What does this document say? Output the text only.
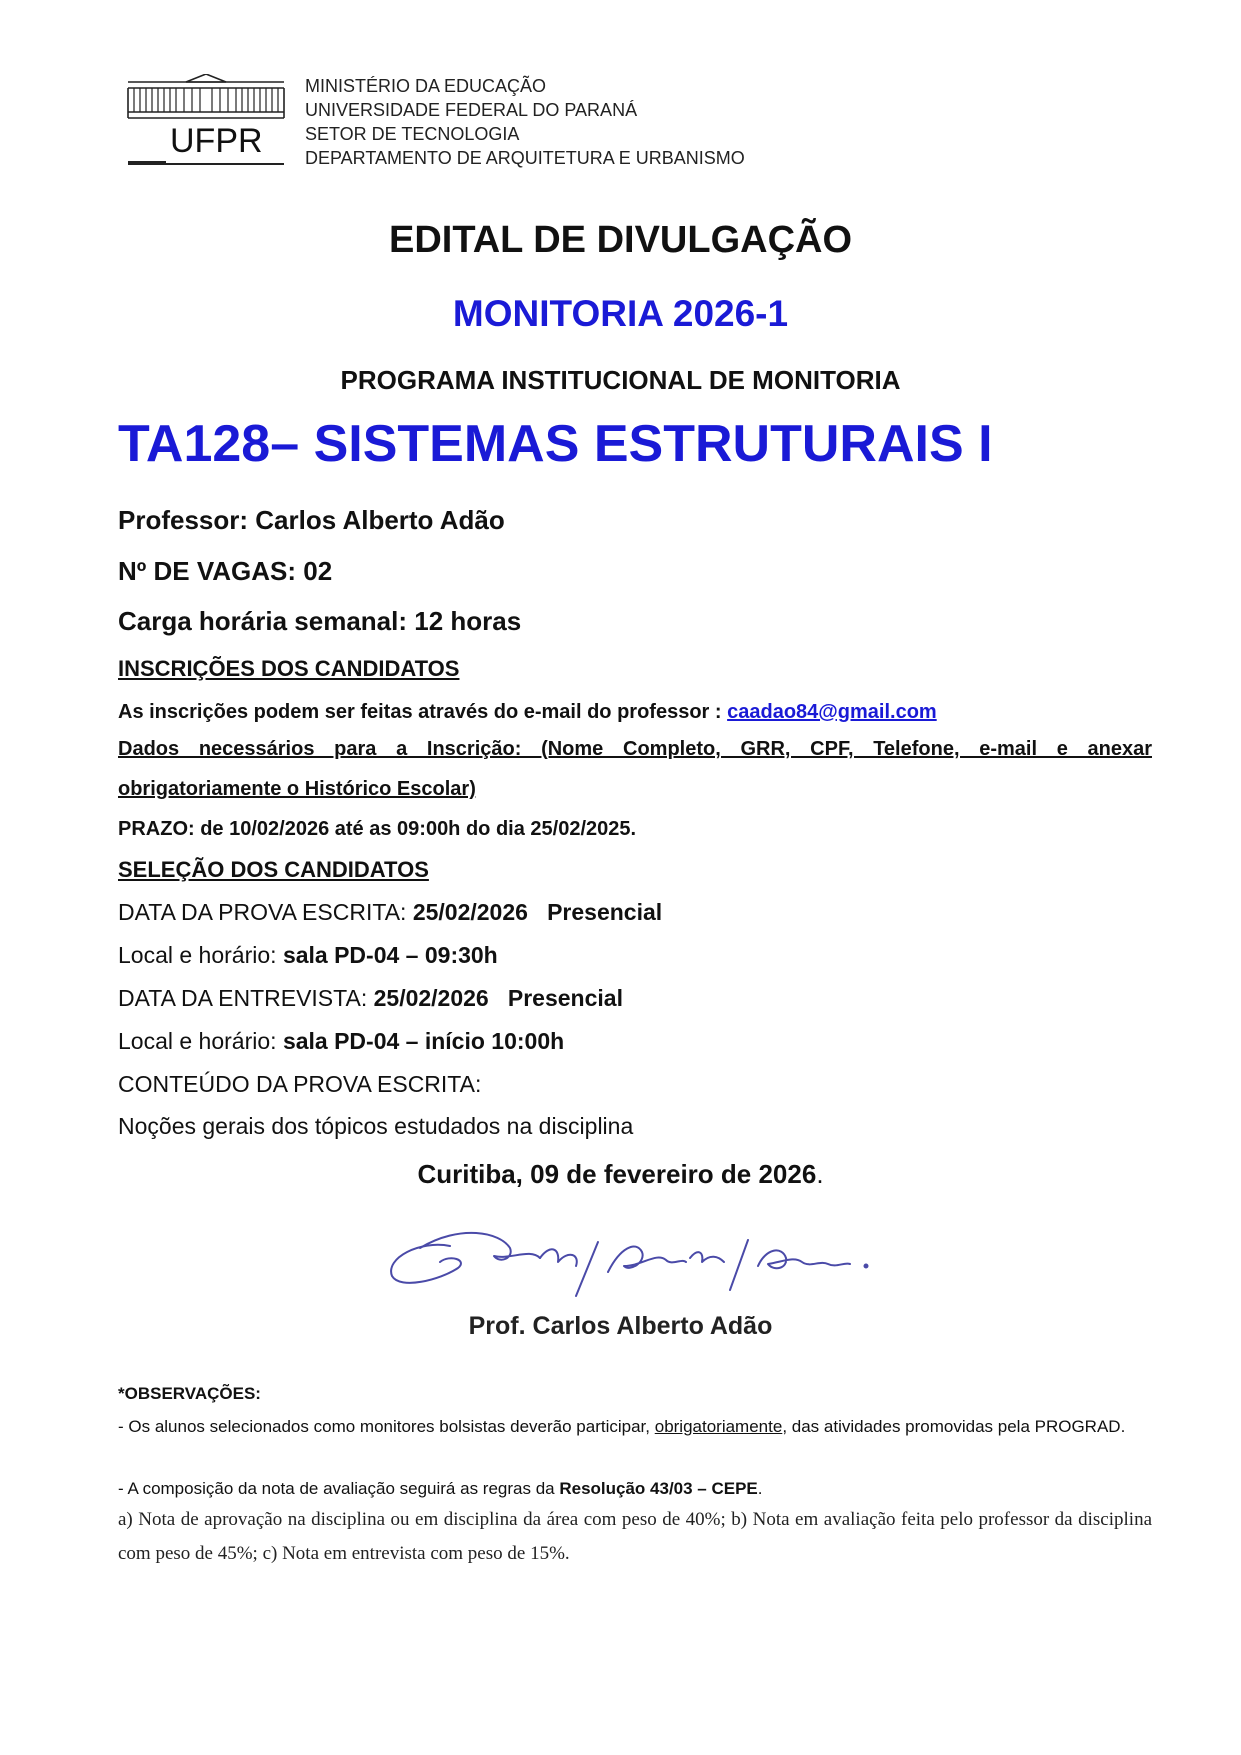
UFPR
MINISTÉRIO DA EDUCAÇÃO
UNIVERSIDADE FEDERAL DO PARANÁ
SETOR DE TECNOLOGIA
DEPARTAMENTO DE ARQUITETURA E URBANISMO
EDITAL DE DIVULGAÇÃO
MONITORIA 2026-1
PROGRAMA INSTITUCIONAL DE MONITORIA
TA128– SISTEMAS ESTRUTURAIS I
Professor: Carlos Alberto Adão
Nº DE VAGAS: 02
Carga horária semanal: 12 horas
INSCRIÇÕES DOS CANDIDATOS
As inscrições podem ser feitas através do e-mail do professor : caadao84@gmail.com
Dados necessários para a Inscrição: (Nome Completo, GRR, CPF, Telefone, e-mail e anexar
obrigatoriamente o Histórico Escolar)
PRAZO: de 10/02/2026 até as 09:00h do dia 25/02/2025.
SELEÇÃO DOS CANDIDATOS
DATA DA PROVA ESCRITA: 25/02/2026   Presencial
Local e horário: sala PD-04 – 09:30h
DATA DA ENTREVISTA: 25/02/2026   Presencial
Local e horário: sala PD-04 – início 10:00h
CONTEÚDO DA PROVA ESCRITA:
Noções gerais dos tópicos estudados na disciplina
Curitiba, 09 de fevereiro de 2026.
Prof. Carlos Alberto Adão
*OBSERVAÇÕES:
- Os alunos selecionados como monitores bolsistas deverão participar, obrigatoriamente, das atividades promovidas pela PROGRAD.
- A composição da nota de avaliação seguirá as regras da Resolução 43/03 – CEPE.
a) Nota de aprovação na disciplina ou em disciplina da área com peso de 40%; b) Nota em avaliação feita pelo professor da disciplina com peso de 45%; c) Nota em entrevista com peso de 15%.
